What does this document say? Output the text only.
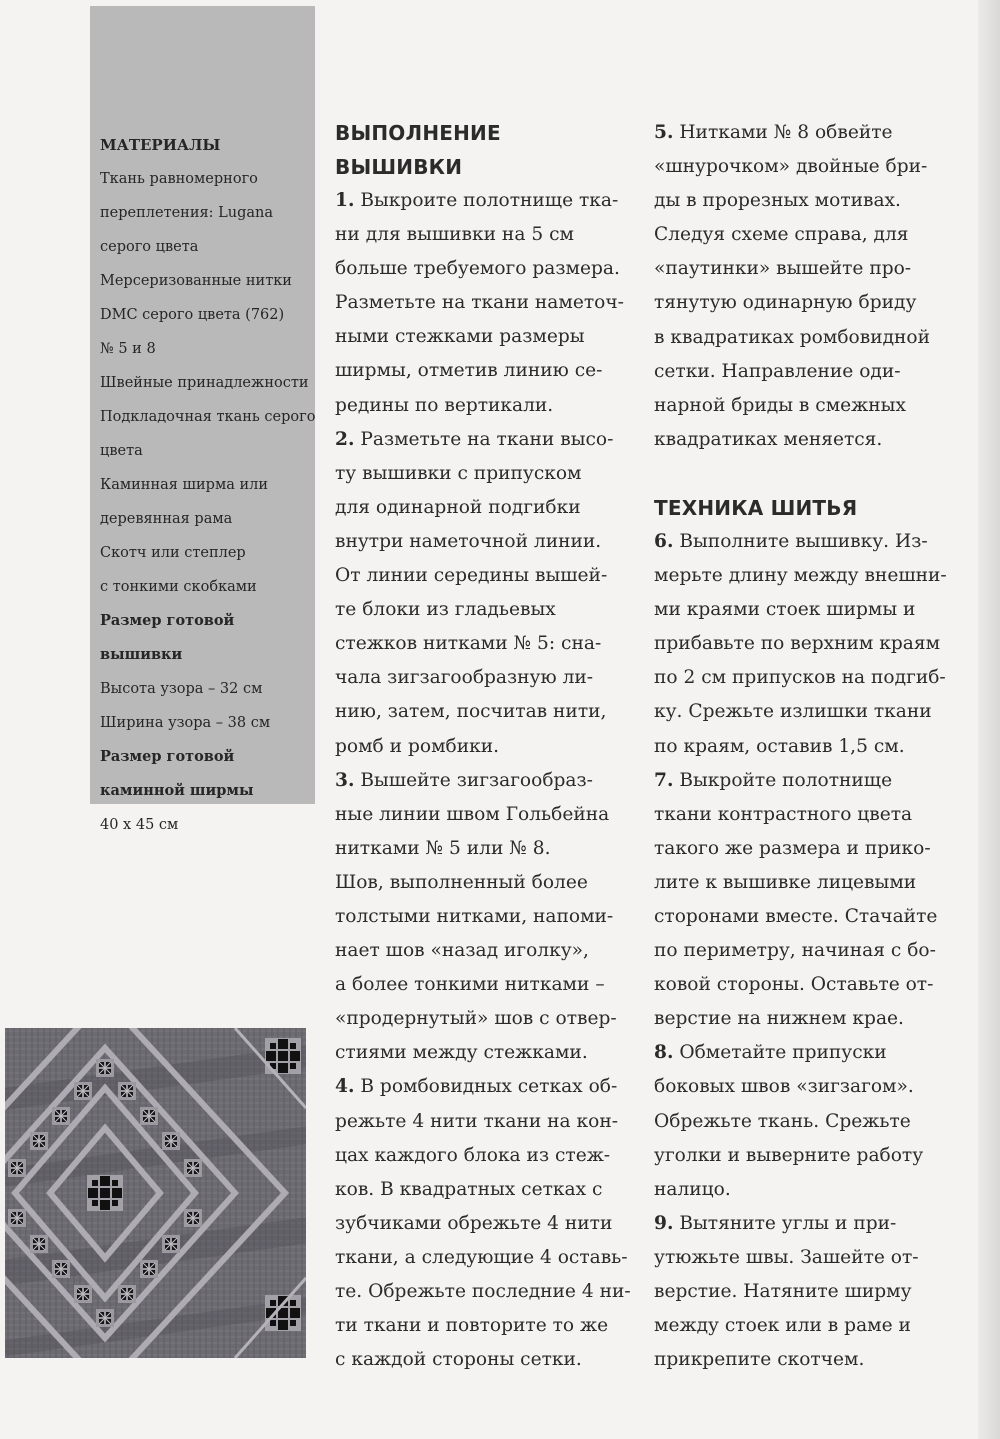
МАТЕРИАЛЫ
Ткань равномерного
переплетения: Lugana
серого цвета
Мерсеризованные нитки
DMC серого цвета (762)
№ 5 и 8
Швейные принадлежности
Подкладочная ткань серого
цвета
Каминная ширма или
деревянная рама
Скотч или степлер
с тонкими скобками
Размер готовой вышивки
Высота узора – 32 см
Ширина узора – 38 см
Размер готовой
каминной ширмы
40 x 45 см
ВЫПОЛНЕНИЕ
ВЫШИВКИ

1. Выкроите полотнище тка-
ни для вышивки на 5 см
больше требуемого размера.
Разметьте на ткани наметоч-
ными стежками размеры
ширмы, отметив линию се-
редины по вертикали.

2. Разметьте на ткани высо-
ту вышивки с припуском
для одинарной подгибки
внутри наметочной линии.
От линии середины вышей-
те блоки из гладьевых
стежков нитками № 5: сна-
чала зигзагообразную ли-
нию, затем, посчитав нити,
ромб и ромбики.

3. Вышейте зигзагообраз-
ные линии швом Гольбейна
нитками № 5 или № 8.
Шов, выполненный более
толстыми нитками, напоми-
нает шов «назад иголку»,
а более тонкими нитками –
«продернутый» шов с отвер-
стиями между стежками.

4. В ромбовидных сетках об-
режьте 4 нити ткани на кон-
цах каждого блока из стеж-
ков. В квадратных сетках с
зубчиками обрежьте 4 нити
ткани, а следующие 4 оставь-
те. Обрежьте последние 4 ни-
ти ткани и повторите то же
с каждой стороны сетки.

5. Нитками № 8 обвейте
«шнурочком» двойные бри-
ды в прорезных мотивах.
Следуя схеме справа, для
«паутинки» вышейте про-
тянутую одинарную бриду
в квадратиках ромбовидной
сетки. Направление оди-
нарной бриды в смежных
квадратиках меняется.

ТЕХНИКА ШИТЬЯ

6. Выполните вышивку. Из-
мерьте длину между внешни-
ми краями стоек ширмы и
прибавьте по верхним краям
по 2 см припусков на подгиб-
ку. Срежьте излишки ткани
по краям, оставив 1,5 см.

7. Выкройте полотнище
ткани контрастного цвета
такого же размера и прико-
лите к вышивке лицевыми
сторонами вместе. Стачайте
по периметру, начиная с бо-
ковой стороны. Оставьте от-
верстие на нижнем крае.

8. Обметайте припуски
боковых швов «зигзагом».
Обрежьте ткань. Срежьте
уголки и выверните работу
налицо.

9. Вытяните углы и при-
утюжьте швы. Зашейте от-
верстие. Натяните ширму
между стоек или в раме и
прикрепите скотчем.
